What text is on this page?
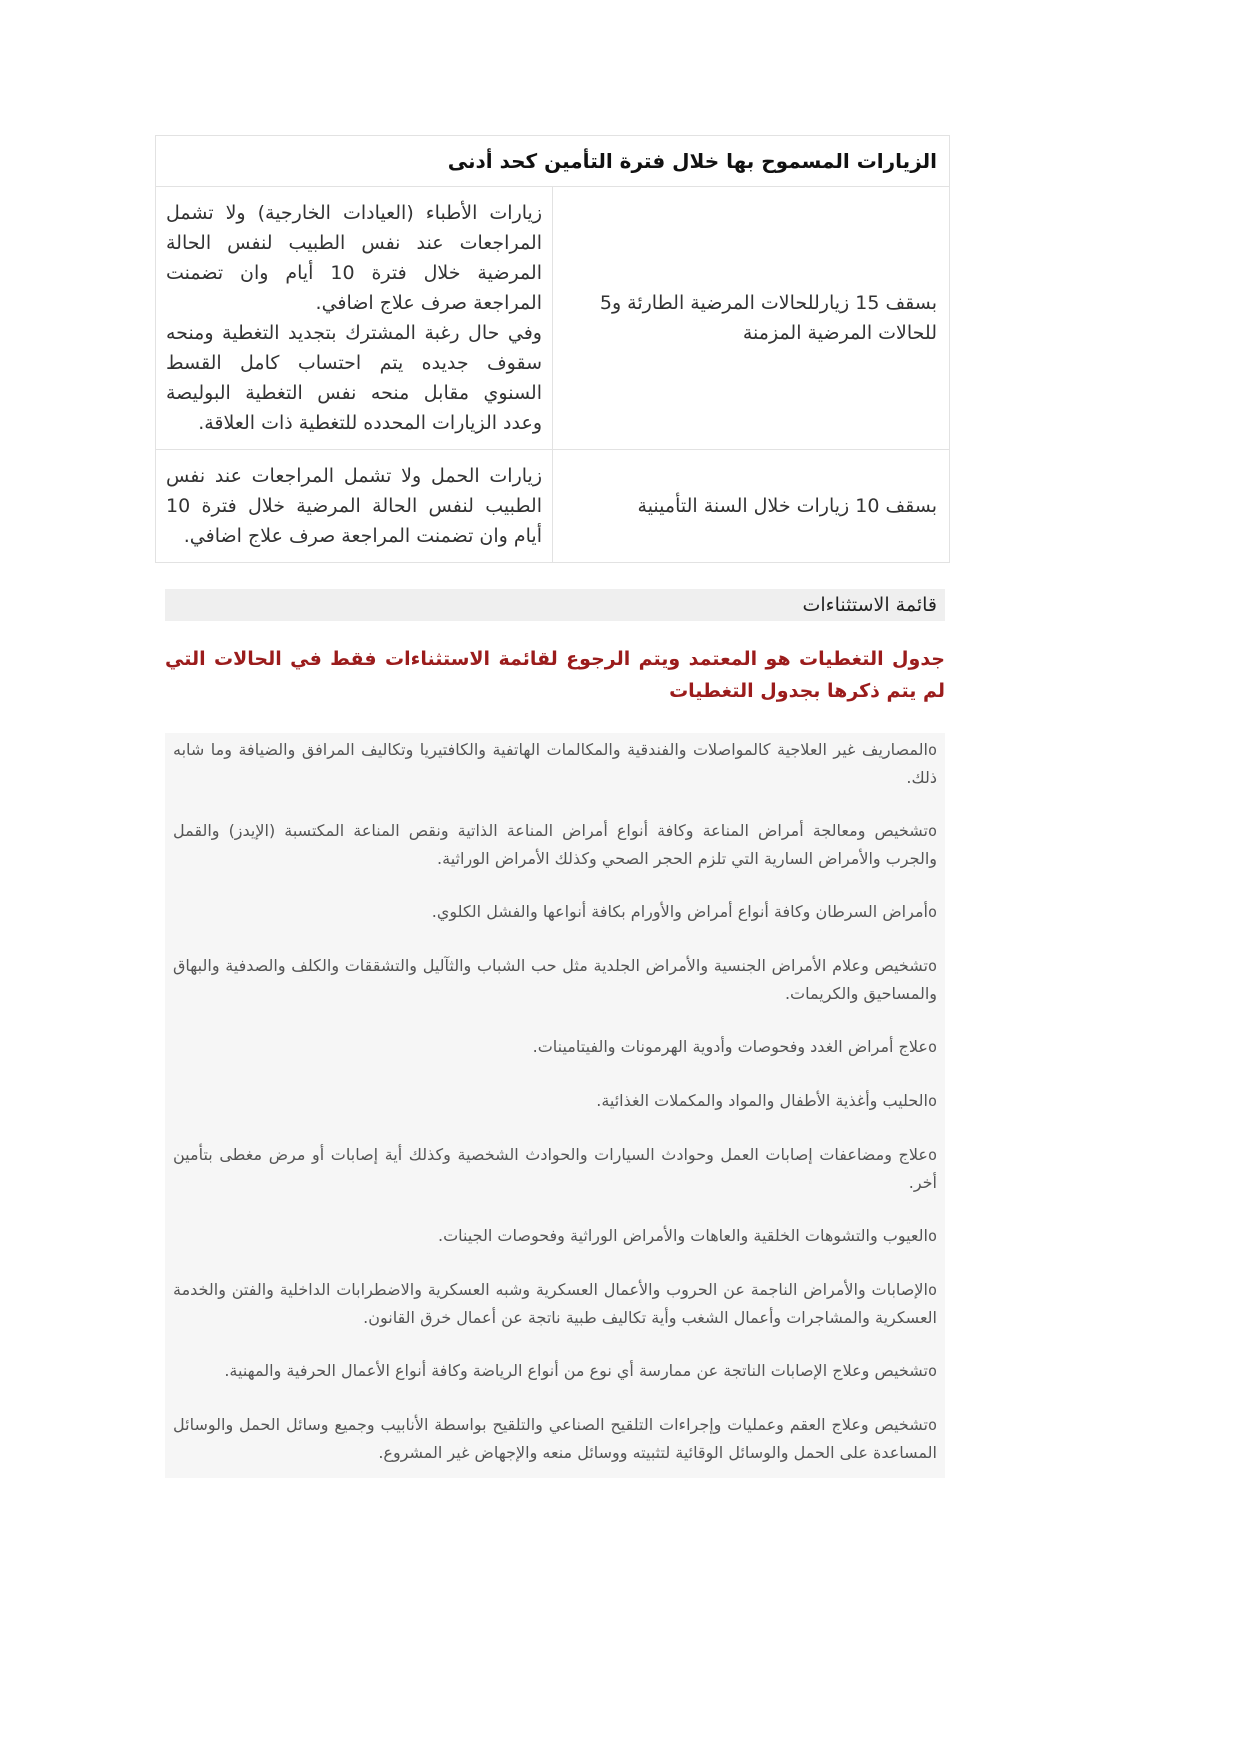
الزيارات المسموح بها خلال فترة التأمين كحد أدنى	
بسقف 15 زيارللحالات المرضية الطارئة و5 للحالات المرضية المزمنة	زيارات الأطباء (العيادات الخارجية) ولا تشمل المراجعات عند نفس الطبيب لنفس الحالة المرضية خلال فترة 10 أيام وان تضمنت المراجعة صرف علاج اضافي.

وفي حال رغبة المشترك بتجديد التغطية ومنحه سقوف جديده يتم احتساب كامل القسط السنوي مقابل منحه نفس التغطية البوليصة وعدد الزيارات المحدده للتغطية ذات العلاقة.

بسقف 10 زيارات خلال السنة التأمينية	زيارات الحمل ولا تشمل المراجعات عند نفس الطبيب لنفس الحالة المرضية خلال فترة 10 أيام وان تضمنت المراجعة صرف علاج اضافي.

قائمة الاستثناءات
جدول التغطيات هو المعتمد ويتم الرجوع لقائمة الاستثناءات فقط في الحالات التي لم يتم ذكرها بجدول التغطيات
oالمصاريف غير العلاجية كالمواصلات والفندقية والمكالمات الهاتفية والكافتيريا وتكاليف المرافق والضيافة وما شابه ذلك.
oتشخيص ومعالجة أمراض المناعة وكافة أنواع أمراض المناعة الذاتية ونقص المناعة المكتسبة (الإيدز) والقمل والجرب والأمراض السارية التي تلزم الحجر الصحي وكذلك الأمراض الوراثية.
oأمراض السرطان وكافة أنواع أمراض والأورام بكافة أنواعها والفشل الكلوي.
oتشخيص وعلام الأمراض الجنسية والأمراض الجلدية مثل حب الشباب والثآليل والتشققات والكلف والصدفية والبهاق والمساحيق والكريمات.
oعلاج أمراض الغدد وفحوصات وأدوية الهرمونات والفيتامينات.
oالحليب وأغذية الأطفال والمواد والمكملات الغذائية.
oعلاج ومضاعفات إصابات العمل وحوادث السيارات والحوادث الشخصية وكذلك أية إصابات أو مرض مغطى بتأمين أخر.
oالعيوب والتشوهات الخلقية والعاهات والأمراض الوراثية وفحوصات الجينات.
oالإصابات والأمراض الناجمة عن الحروب والأعمال العسكرية وشبه العسكرية والاضطرابات الداخلية والفتن والخدمة العسكرية والمشاجرات وأعمال الشغب وأية تكاليف طبية ناتجة عن أعمال خرق القانون.
oتشخيص وعلاج الإصابات الناتجة عن ممارسة أي نوع من أنواع الرياضة وكافة أنواع الأعمال الحرفية والمهنية.
oتشخيص وعلاج العقم وعمليات وإجراءات التلقيح الصناعي والتلقيح بواسطة الأنابيب وجميع وسائل الحمل والوسائل المساعدة على الحمل والوسائل الوقائية لتثبيته ووسائل منعه والإجهاض غير المشروع.
